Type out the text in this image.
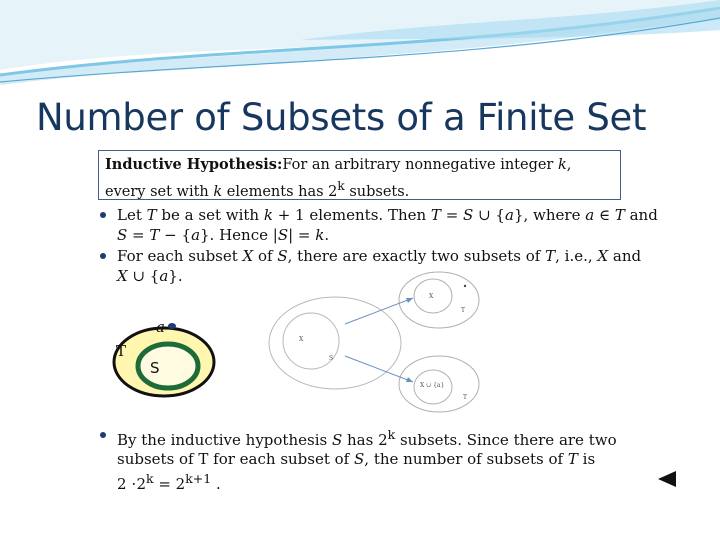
Number of Subsets of a Finite Set
Inductive Hypothesis:For an arbitrary nonnegative integer k,
every set with k elements has 2$^k$ subsets.
Let T be a set with k + 1 elements. Then T = S ∪ {a}, where a ∈ T and
S = T − {a}. Hence |S| = k.
For each subset X of S, there are exactly two subsets of T, i.e., X and
X ∪ {a}.
T
S
a
X
S
X
T
X ∪ {a}
T
By the inductive hypothesis S has 2$^k$ subsets. Since there are two
subsets of T for each subset of S, the number of subsets of T is
$2 \cdot 2^k = 2^{k+1}$ .
